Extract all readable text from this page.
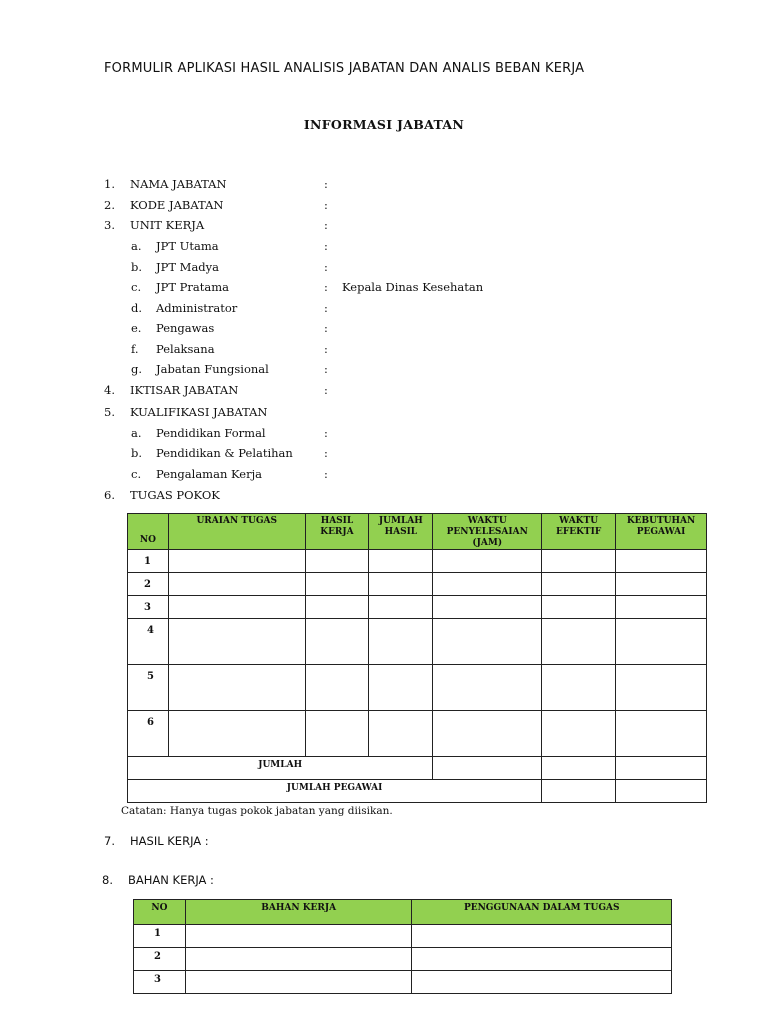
FORMULIR APLIKASI HASIL ANALISIS JABATAN DAN ANALIS BEBAN KERJA
INFORMASI JABATAN
1. NAMA JABATAN	:
2. KODE JABATAN	:
3. UNIT KERJA	:
a. JPT Utama	:
b. JPT Madya	:
c. JPT Pratama	: Kepala Dinas Kesehatan
d. Administrator	:
e. Pengawas	:
f. Pelaksana	:
g. Jabatan Fungsional	:
4. IKTISAR JABATAN	:
5. KUALIFIKASI JABATAN
a. Pendidikan Formal	:
b. Pendidikan & Pelatihan	:
c. Pengalaman Kerja	:
6. TUGAS POKOK
NO	URAIAN TUGAS	HASIL KERJA	JUMLAH HASIL	WAKTU PENYELESAIAN (JAM)	WAKTU EFEKTIF	KEBUTUHAN PEGAWAI
1						
2						
3						
4						
5						
6						
JUMLAH						
JUMLAH PEGAWAI						
Catatan: Hanya tugas pokok jabatan yang diisikan.
7. HASIL KERJA :
8. BAHAN KERJA :
NO	BAHAN KERJA	PENGGUNAAN DALAM TUGAS
1		
2		
3		
